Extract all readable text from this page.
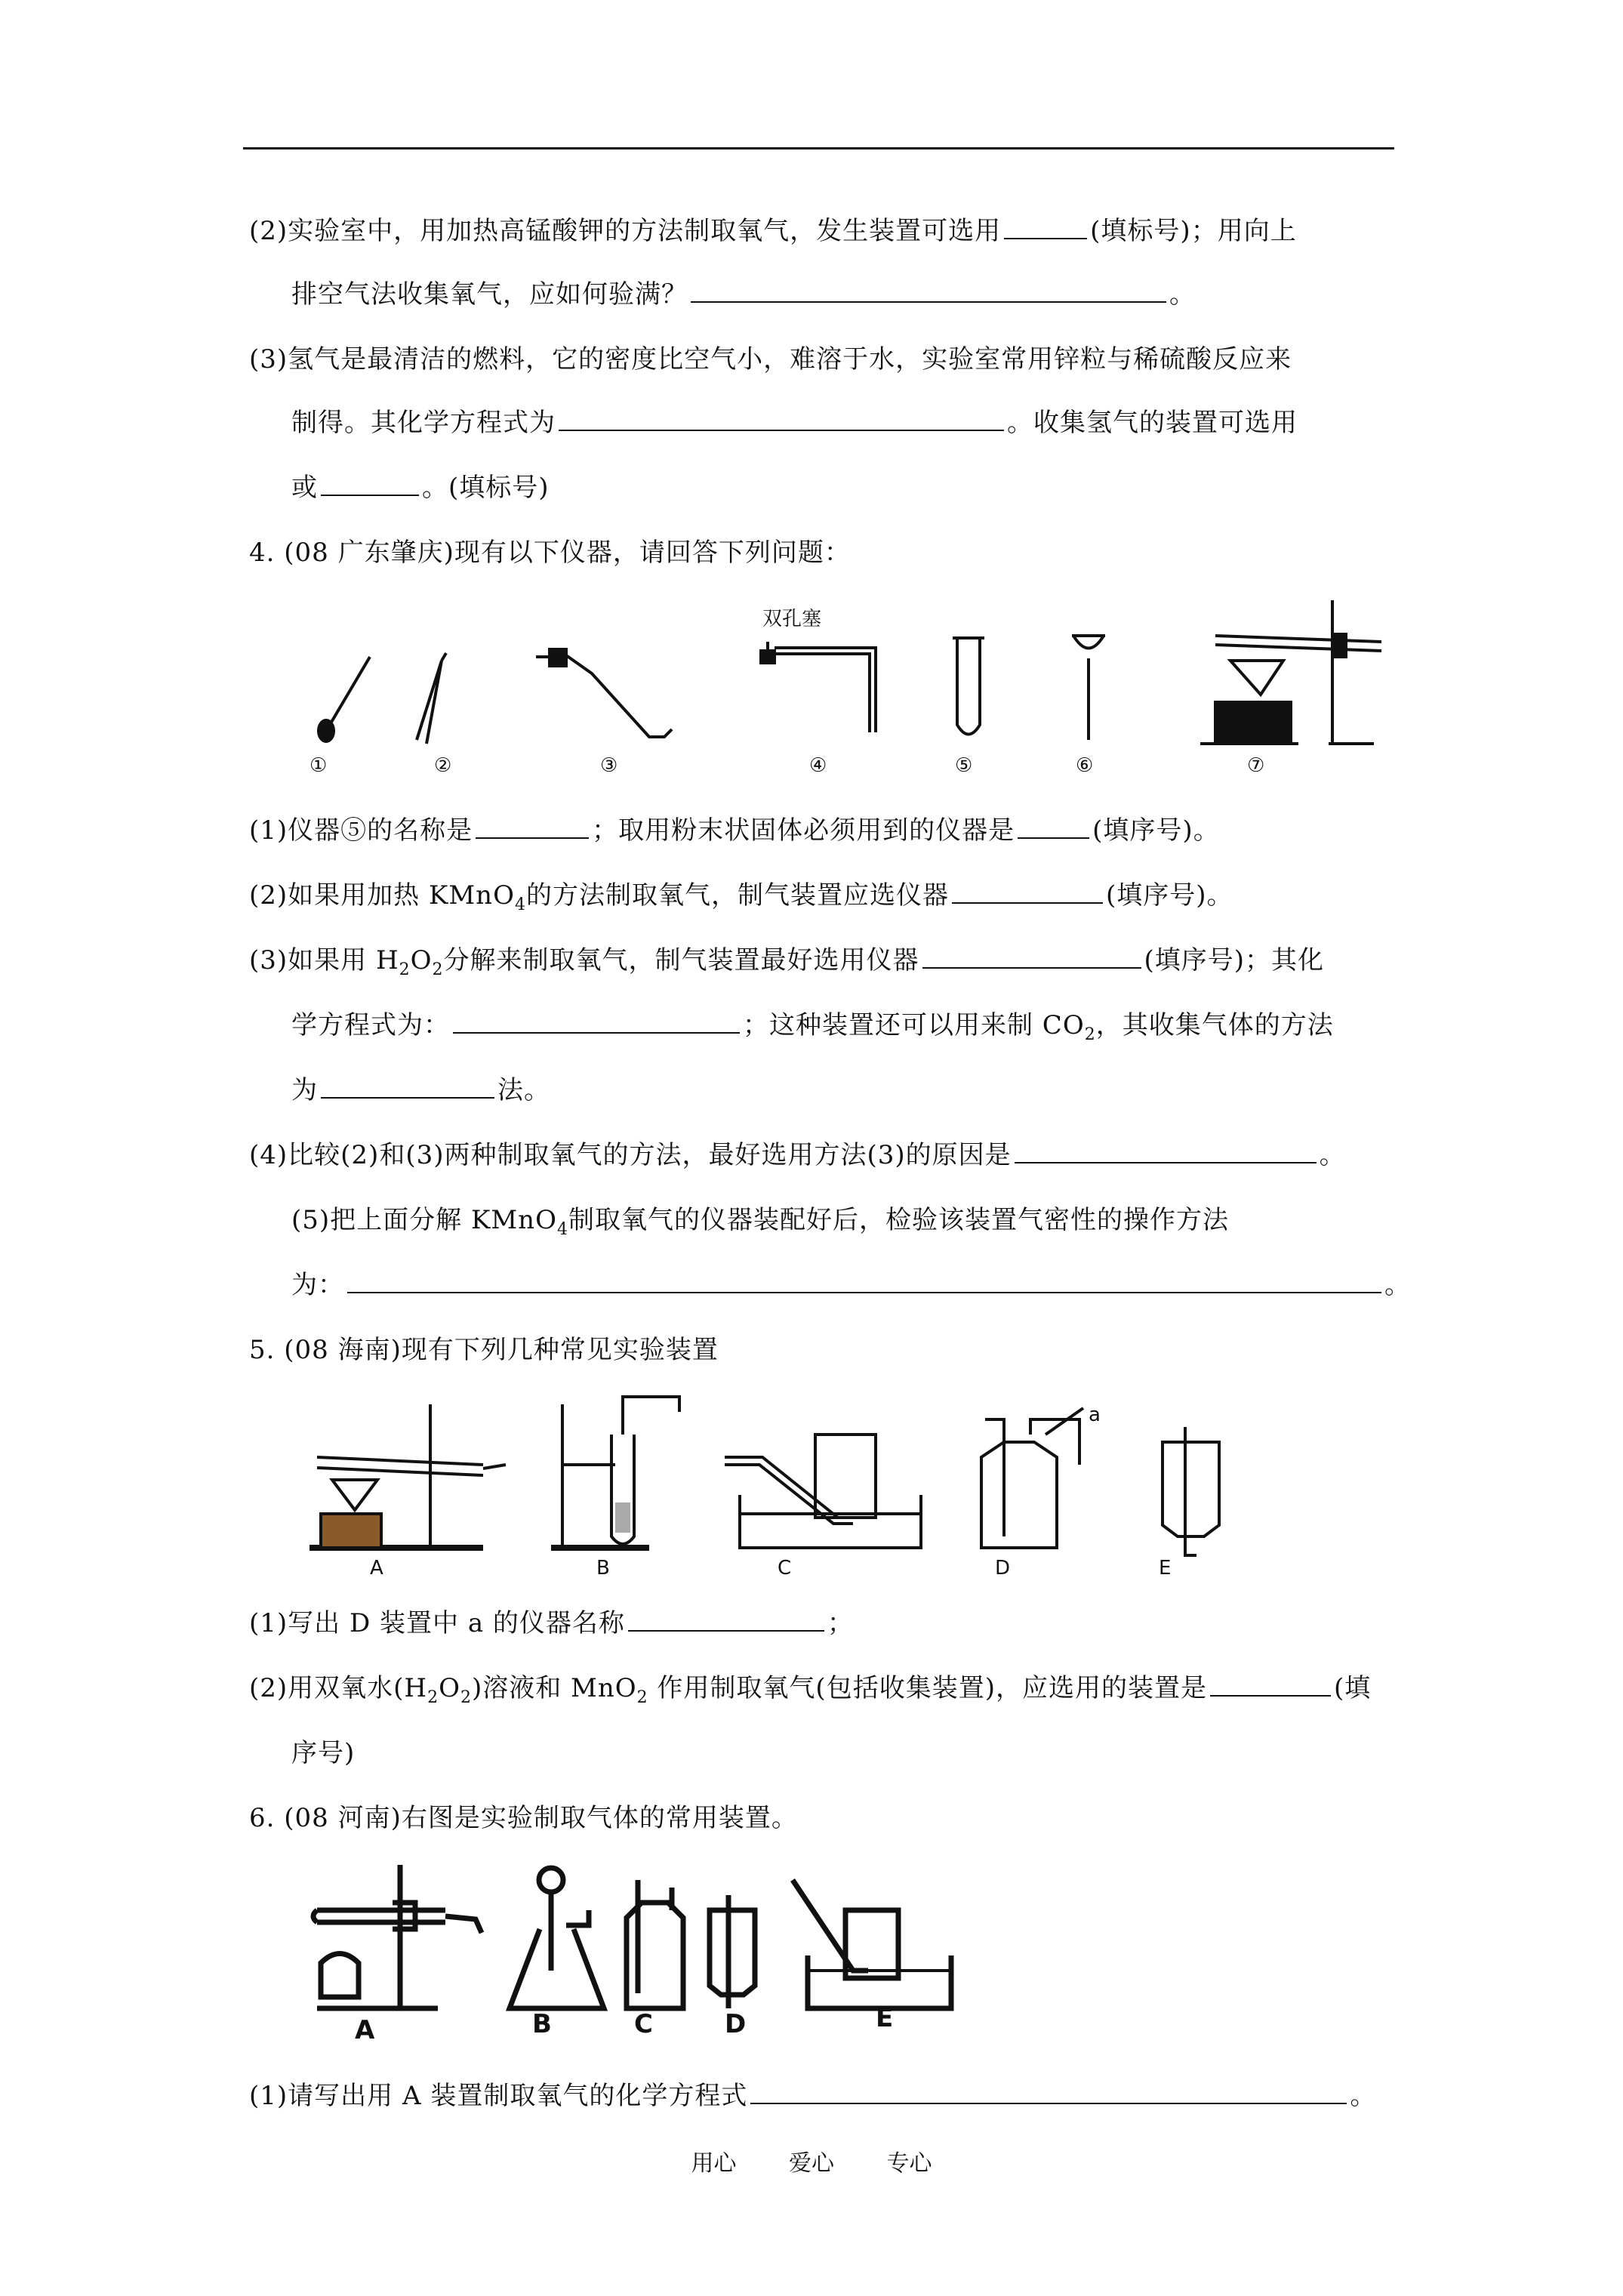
(2)实验室中，用加热高锰酸钾的方法制取氧气，发生装置可选用	(填标号)；用向上
排空气法收集氧气，应如何验满？	。
(3)氢气是最清洁的燃料，它的密度比空气小，难溶于水，实验室常用锌粒与稀硫酸反应来
制得。其化学方程式为	。收集氢气的装置可选用
或	。(填标号)
4. (08 广东肇庆)现有以下仪器，请回答下列问题：
双孔塞
①	②	③	④	⑤	⑥	⑦
(1)仪器⑤的名称是	；取用粉末状固体必须用到的仪器是	(填序号)。
(2)如果用加热 KMnO$_4$的方法制取氧气，制气装置应选仪器	(填序号)。
(3)如果用 $H_2O_2$分解来制取氧气，制气装置最好选用仪器	(填序号)；其化
学方程式为：	；这种装置还可以用来制 $CO_2$，其收集气体的方法
为	法。
(4)比较(2)和(3)两种制取氧气的方法，最好选用方法(3)的原因是	。
(5)把上面分解 KMnO$_4$制取氧气的仪器装配好后，检验该装置气密性的操作方法
为：	。
5. (08 海南)现有下列几种常见实验装置
a
A	B	C	D	E
(1)写出 D 装置中 a 的仪器名称	；
(2)用双氧水$(H_2O_2)$溶液和 MnO$_2$ 作用制取氧气(包括收集装置)，应选用的装置是	(填
序号)
6. (08 河南)右图是实验制取气体的常用装置。
A	B	C	D	E
(1)请写出用 A 装置制取氧气的化学方程式	。
用心 爱心 专心
